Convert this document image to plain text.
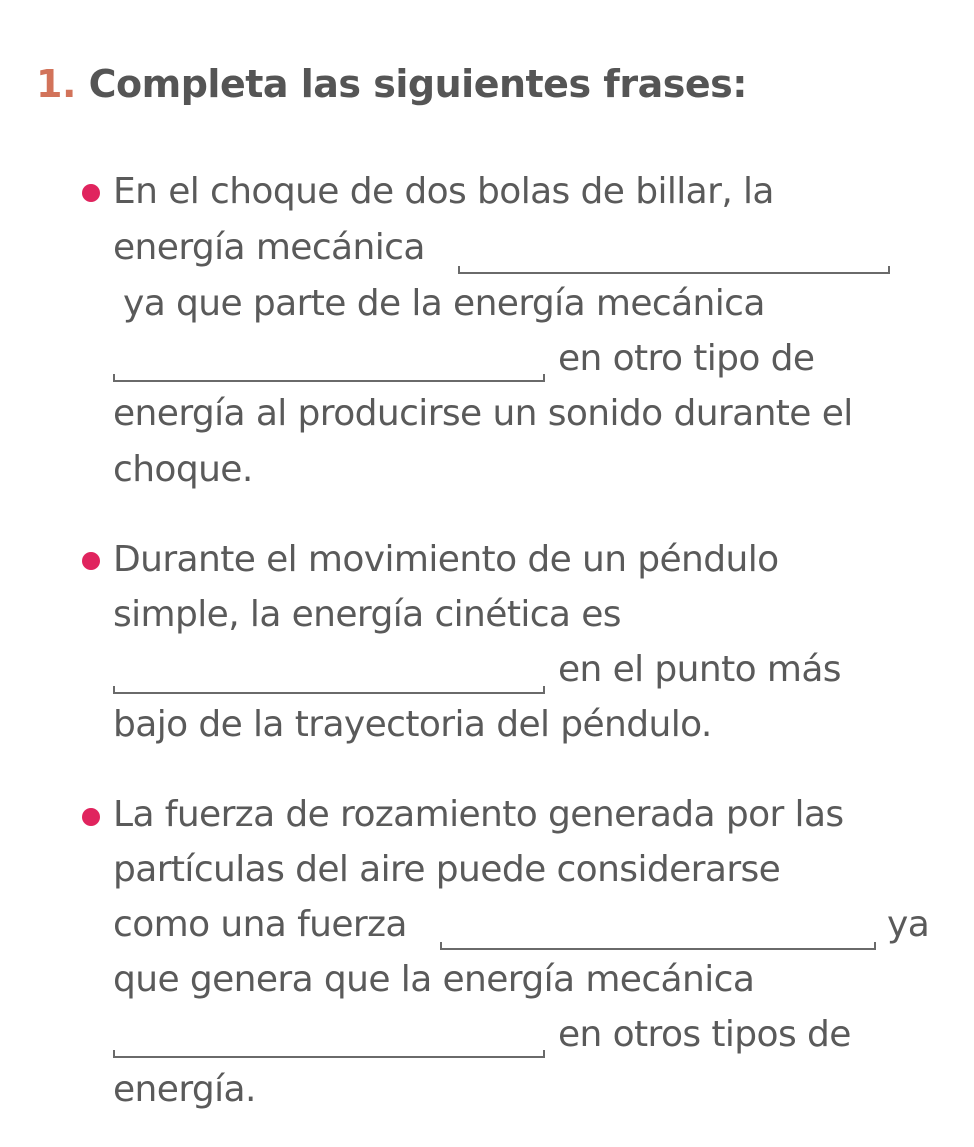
1. Completa las siguientes frases:
En el choque de dos bolas de billar, la
energía mecánica
ya que parte de la energía mecánica
en otro tipo de
energía al producirse un sonido durante el
choque.
Durante el movimiento de un péndulo
simple, la energía cinética es
en el punto más
bajo de la trayectoria del péndulo.
La fuerza de rozamiento generada por las
partículas del aire puede considerarse
como una fuerza	ya
que genera que la energía mecánica
en otros tipos de
energía.
